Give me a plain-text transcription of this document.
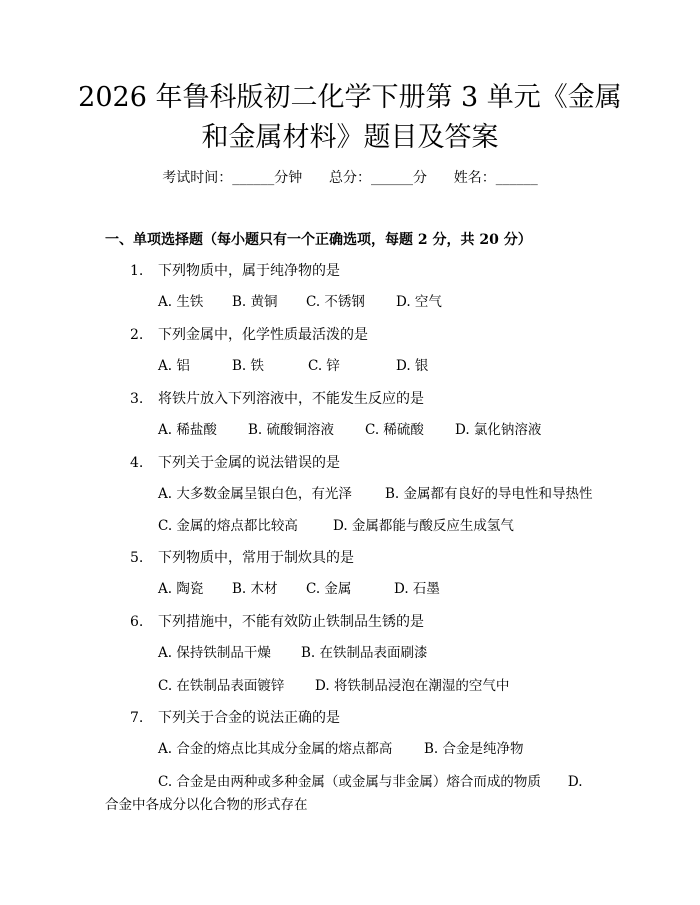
2026 年鲁科版初二化学下册第 3 单元《金属
和金属材料》题目及答案
考试时间：______分钟      总分：______分      姓名：______
一、单项选择题（每小题只有一个正确选项，每题 2 分，共 20 分）
1. 下列物质中，属于纯净物的是
A. 生铁 B. 黄铜 C. 不锈钢 D. 空气
2. 下列金属中，化学性质最活泼的是
A. 铝	B. 铁	C. 锌	D. 银
3. 将铁片放入下列溶液中，不能发生反应的是
A. 稀盐酸 B. 硫酸铜溶液 C. 稀硫酸 D. 氯化钠溶液
4. 下列关于金属的说法错误的是
A. 大多数金属呈银白色，有光泽 B. 金属都有良好的导电性和导热性
C. 金属的熔点都比较高	D. 金属都能与酸反应生成氢气
5. 下列物质中，常用于制炊具的是
A. 陶瓷 B. 木材 C. 金属	D. 石墨
6. 下列措施中，不能有效防止铁制品生锈的是
A. 保持铁制品干燥 B. 在铁制品表面刷漆
C. 在铁制品表面镀锌 D. 将铁制品浸泡在潮湿的空气中
7. 下列关于合金的说法正确的是
A. 合金的熔点比其成分金属的熔点都高 B. 合金是纯净物
C. 合金是由两种或多种金属（或金属与非金属）熔合而成的物质　　D.
合金中各成分以化合物的形式存在
